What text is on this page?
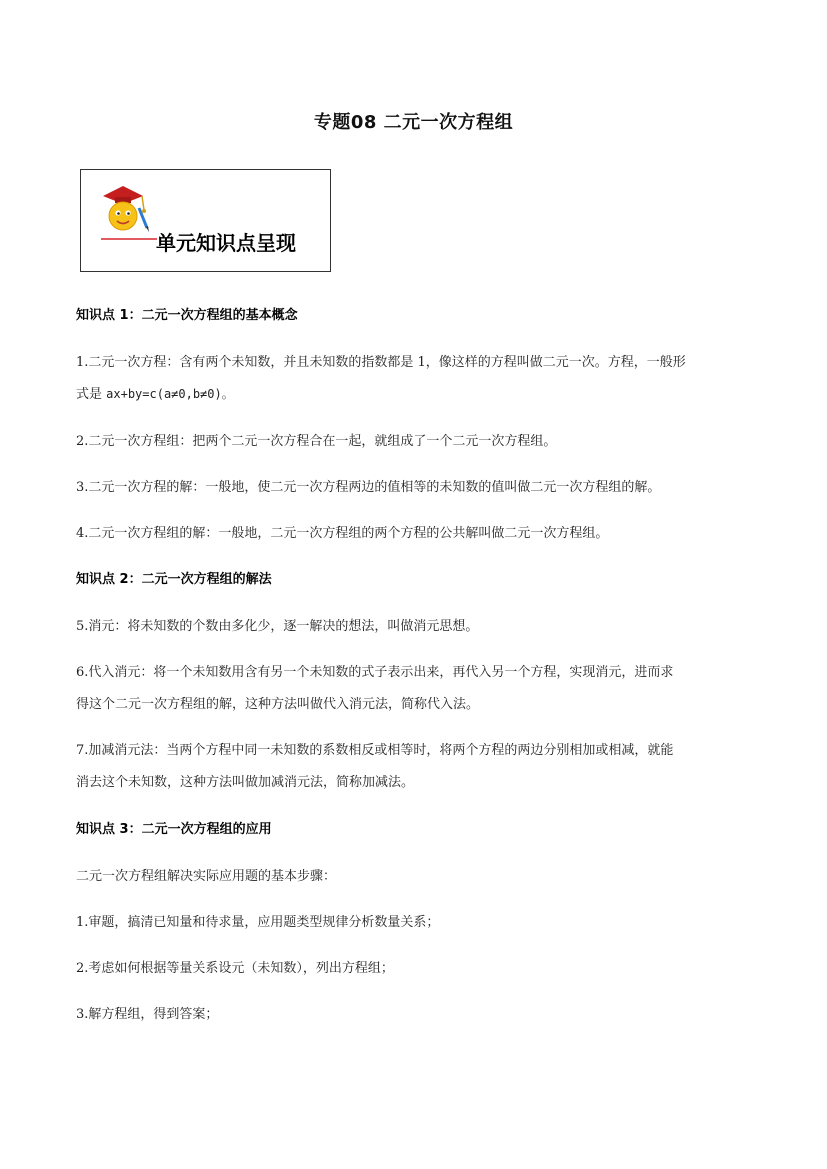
专题08 二元一次方程组
单元知识点呈现

知识点 1：二元一次方程组的基本概念

1.二元一次方程：含有两个未知数，并且未知数的指数都是 1，像这样的方程叫做二元一次。方程，一般形

式是 ax+by=c(a≠0,b≠0)。

2.二元一次方程组：把两个二元一次方程合在一起，就组成了一个二元一次方程组。

3.二元一次方程的解：一般地，使二元一次方程两边的值相等的未知数的值叫做二元一次方程组的解。

4.二元一次方程组的解：一般地，二元一次方程组的两个方程的公共解叫做二元一次方程组。

知识点 2：二元一次方程组的解法

5.消元：将未知数的个数由多化少，逐一解决的想法，叫做消元思想。

6.代入消元：将一个未知数用含有另一个未知数的式子表示出来，再代入另一个方程，实现消元，进而求

得这个二元一次方程组的解，这种方法叫做代入消元法，简称代入法。

7.加减消元法：当两个方程中同一未知数的系数相反或相等时，将两个方程的两边分别相加或相减，就能

消去这个未知数，这种方法叫做加减消元法，简称加减法。

知识点 3：二元一次方程组的应用

二元一次方程组解决实际应用题的基本步骤：

1.审题，搞清已知量和待求量，应用题类型规律分析数量关系；

2.考虑如何根据等量关系设元（未知数），列出方程组；

3.解方程组，得到答案；
